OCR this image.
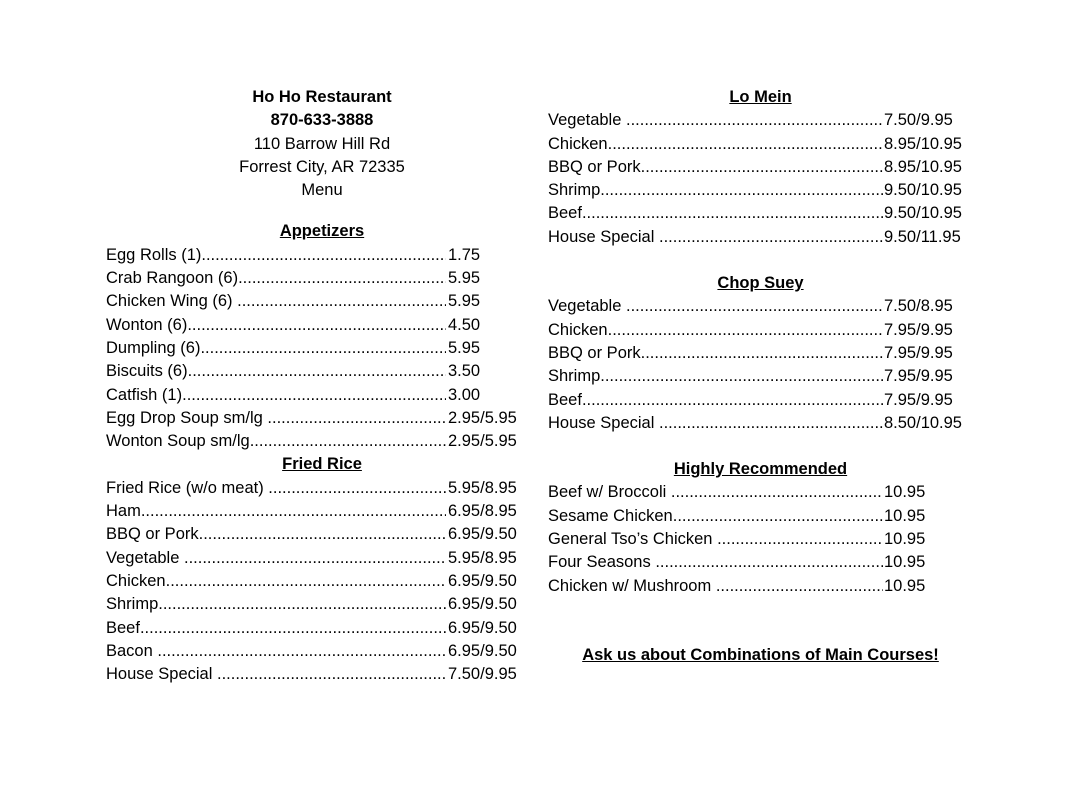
Ho Ho Restaurant
870-633-3888
110 Barrow Hill Rd
Forrest City, AR 72335
Menu
Appetizers
Egg Rolls (1) .....	1.75
Crab Rangoon (6) .....	5.95
Chicken Wing (6) .....	5.95
Wonton (6) .....	4.50
Dumpling (6) .....	5.95
Biscuits (6) .....	3.50
Catfish (1) .....	3.00
Egg Drop Soup sm/lg .....	2.95/5.95
Wonton Soup sm/lg. .....	2.95/5.95
Fried Rice
Fried Rice (w/o meat) .....	5.95/8.95
Ham .....	6.95/8.95
BBQ or Pork .....	6.95/9.50
Vegetable .....	5.95/8.95
Chicken .....	6.95/9.50
Shrimp .....	6.95/9.50
Beef .....	6.95/9.50
Bacon .....	6.95/9.50
House Special .....	7.50/9.95
Lo Mein
Vegetable .....	7.50/9.95
Chicken .....	8.95/10.95
BBQ or Pork .....	8.95/10.95
Shrimp .....	9.50/10.95
Beef .....	9.50/10.95
House Special .....	9.50/11.95
Chop Suey
Vegetable .....	7.50/8.95
Chicken .....	7.95/9.95
BBQ or Pork .....	7.95/9.95
Shrimp .....	7.95/9.95
Beef .....	7.95/9.95
House Special .....	8.50/10.95
Highly Recommended
Beef w/ Broccoli .....	10.95
Sesame Chicken .....	10.95
General Tso’s Chicken .....	10.95
Four Seasons .....	10.95
Chicken w/ Mushroom .....	10.95
Ask us about Combinations of Main Courses!
